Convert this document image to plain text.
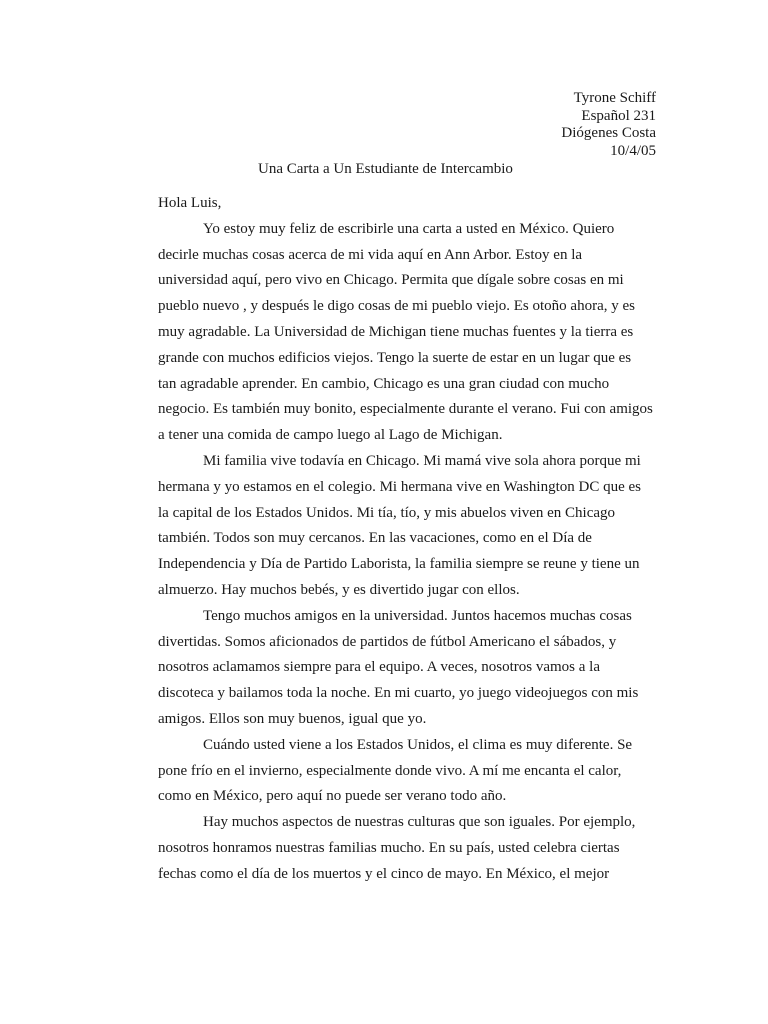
Tyrone Schiff
Español 231
Diógenes Costa
10/4/05
Una Carta a Un Estudiante de Intercambio
Hola Luis,
Yo estoy muy feliz de escribirle una carta a usted en México. Quiero
decirle muchas cosas acerca de mi vida aquí en Ann Arbor. Estoy en la
universidad aquí, pero vivo en Chicago. Permita que dígale sobre cosas en mi
pueblo nuevo , y después le digo cosas de mi pueblo viejo. Es otoño ahora, y es
muy agradable. La Universidad de Michigan tiene muchas fuentes y la tierra es
grande con muchos edificios viejos. Tengo la suerte de estar en un lugar que es
tan agradable aprender. En cambio, Chicago es una gran ciudad con mucho
negocio. Es también muy bonito, especialmente durante el verano. Fui con amigos
a tener una comida de campo luego al Lago de Michigan.
Mi familia vive todavía en Chicago. Mi mamá vive sola ahora porque mi
hermana y yo estamos en el colegio. Mi hermana vive en Washington DC que es
la capital de los Estados Unidos. Mi tía, tío, y mis abuelos viven en Chicago
también. Todos son muy cercanos. En las vacaciones, como en el Día de
Independencia y Día de Partido Laborista, la familia siempre se reune y tiene un
almuerzo. Hay muchos bebés, y es divertido jugar con ellos.
Tengo muchos amigos en la universidad. Juntos hacemos muchas cosas
divertidas. Somos aficionados de partidos de fútbol Americano el sábados, y
nosotros aclamamos siempre para el equipo. A veces, nosotros vamos a la
discoteca y bailamos toda la noche. En mi cuarto, yo juego videojuegos con mis
amigos. Ellos son muy buenos, igual que yo.
Cuándo usted viene a los Estados Unidos, el clima es muy diferente. Se
pone frío en el invierno, especialmente donde vivo. A mí me encanta el calor,
como en México, pero aquí no puede ser verano todo año.
Hay muchos aspectos de nuestras culturas que son iguales. Por ejemplo,
nosotros honramos nuestras familias mucho. En su país, usted celebra ciertas
fechas como el día de los muertos y el cinco de mayo. En México, el mejor
